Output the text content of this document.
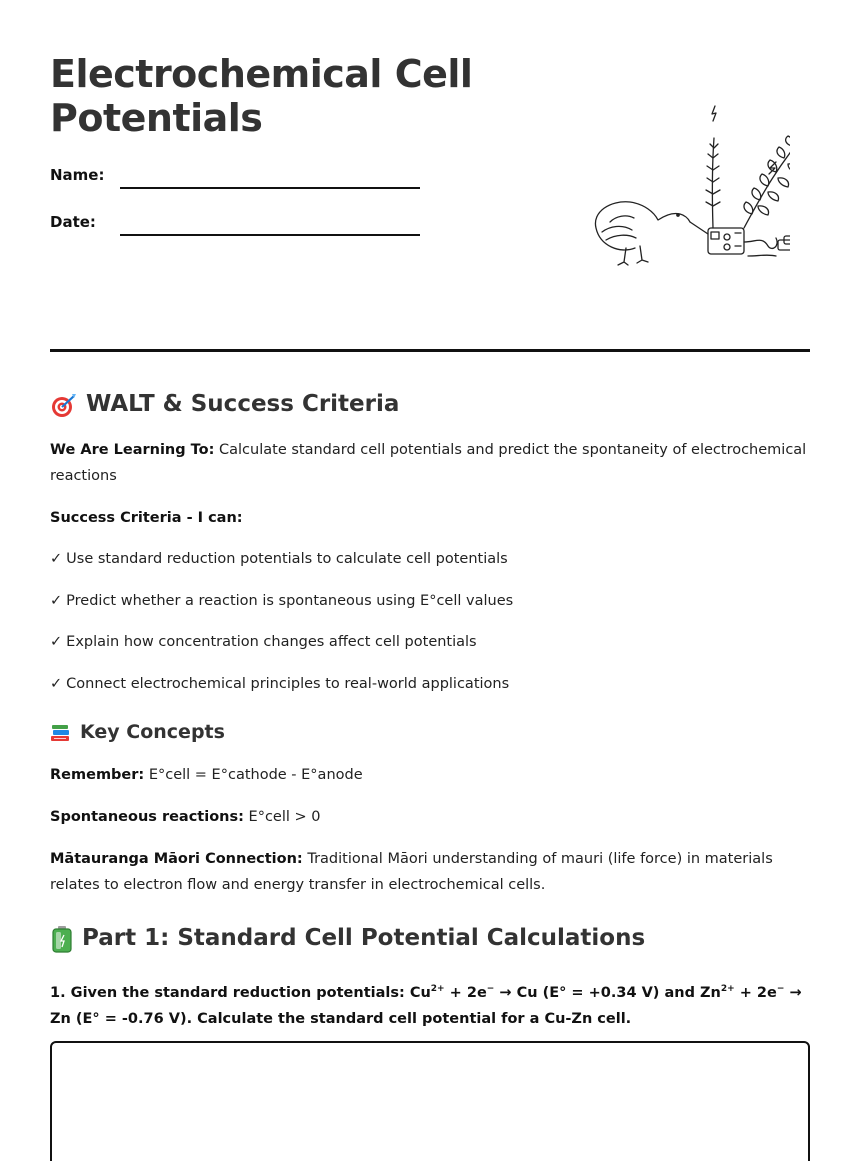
Electrochemical Cell Potentials
Name:
Date:
WALT & Success Criteria

We Are Learning To: Calculate standard cell potentials and predict the spontaneity of electrochemical reactions

Success Criteria - I can:

✓ Use standard reduction potentials to calculate cell potentials

✓ Predict whether a reaction is spontaneous using E°cell values

✓ Explain how concentration changes affect cell potentials

✓ Connect electrochemical principles to real-world applications

Key Concepts

Remember: E°cell = E°cathode - E°anode

Spontaneous reactions: E°cell > 0

Mātauranga Māori Connection: Traditional Māori understanding of mauri (life force) in materials relates to electron flow and energy transfer in electrochemical cells.

Part 1: Standard Cell Potential Calculations

1. Given the standard reduction potentials: $Cu^{2+} + 2e^- \to Cu$ (E° = +0.34 V) and $Zn^{2+} + 2e^- \to Zn$ (E° = -0.76 V). Calculate the standard cell potential for a Cu-Zn cell.
